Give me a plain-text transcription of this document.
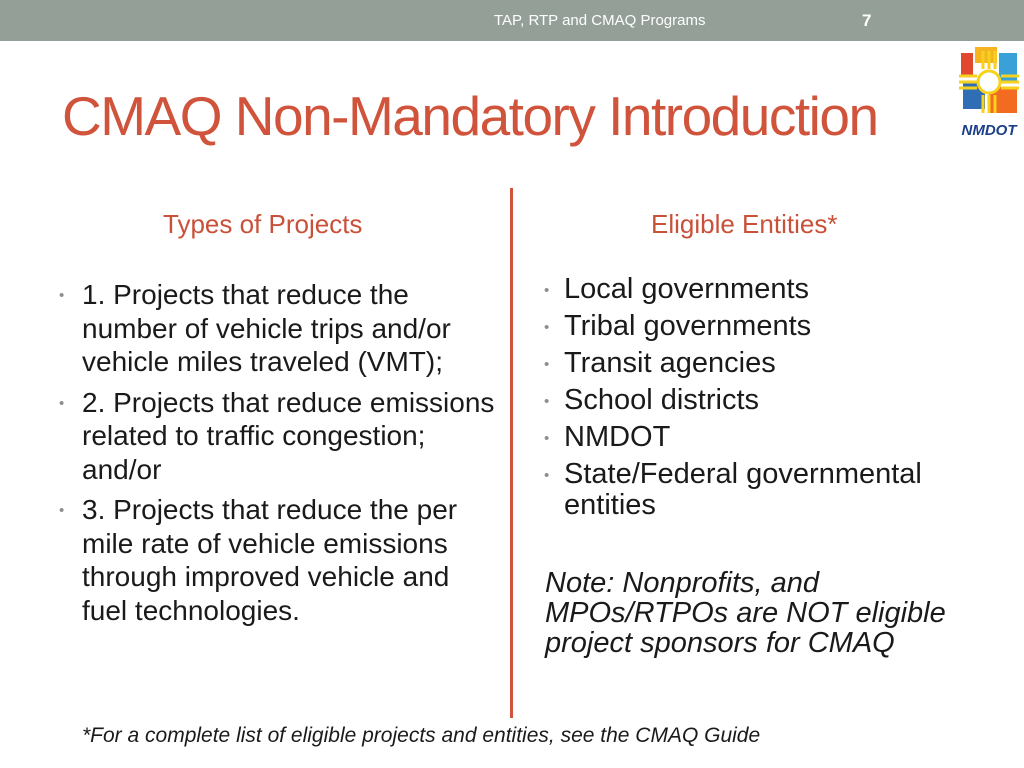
TAP, RTP and CMAQ Programs	7
NMDOT
CMAQ Non-Mandatory Introduction
Types of Projects	Eligible Entities*
• 1. Projects that reduce the number of vehicle trips and/or vehicle miles traveled (VMT);
• 2. Projects that reduce emissions related to traffic congestion; and/or
• 3. Projects that reduce the per mile rate of vehicle emissions through improved vehicle and fuel technologies.
• Local governments
• Tribal governments
• Transit agencies
• School districts
• NMDOT
• State/Federal governmental entities
Note: Nonprofits, and MPOs/RTPOs are NOT eligible project sponsors for CMAQ
*For a complete list of eligible projects and entities, see the CMAQ Guide
